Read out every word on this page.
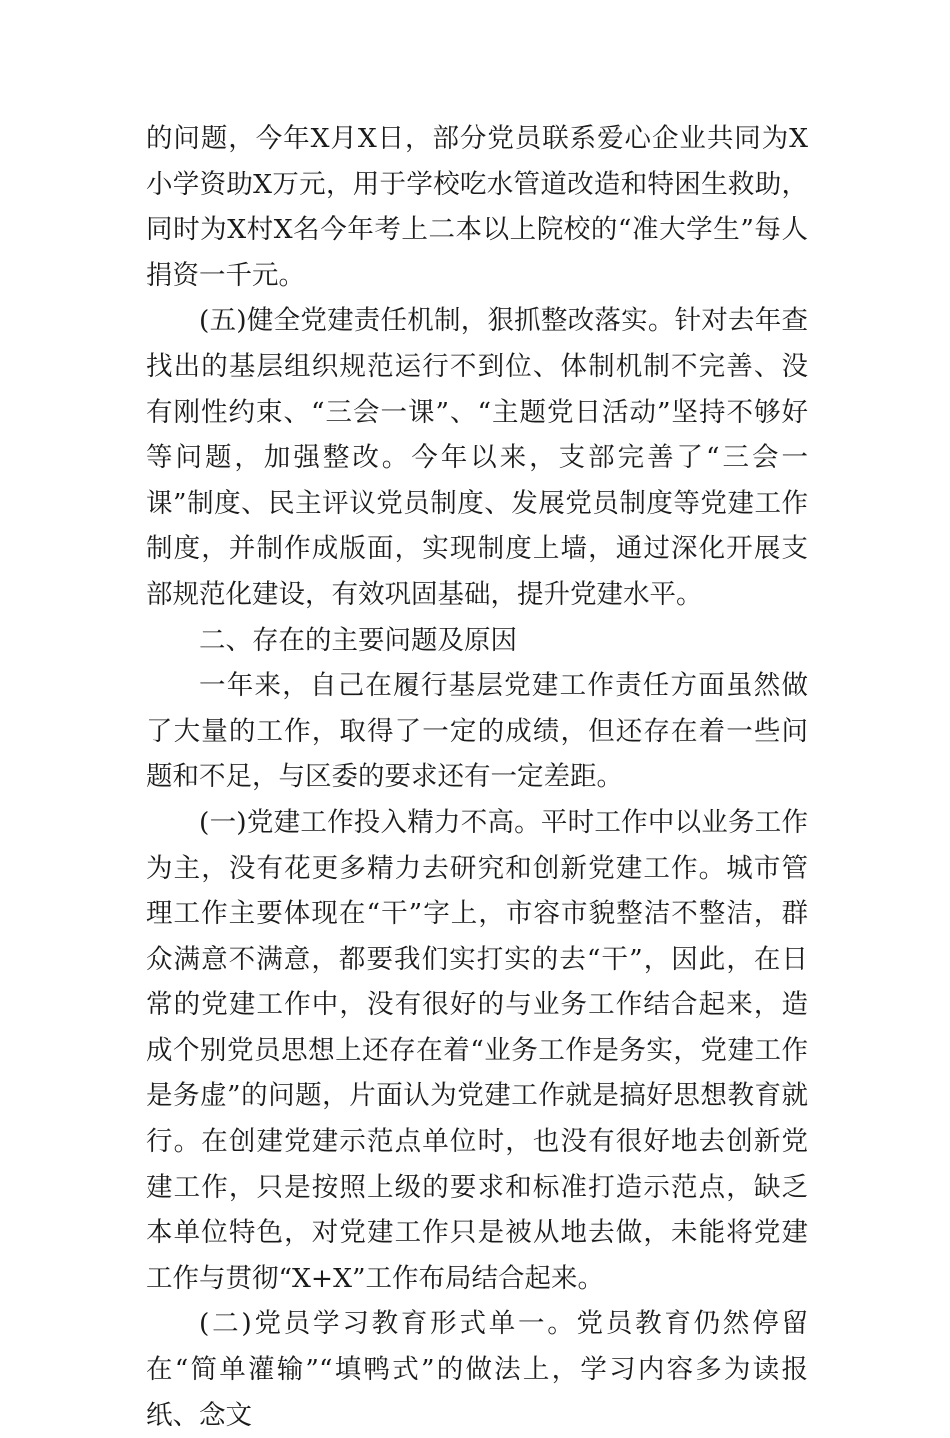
的问题，今年X月X日，部分党员联系爱心企业共同为X小学资助X万元，用于学校吃水管道改造和特困生救助，同时为X村X名今年考上二本以上院校的“准大学生”每人捐资一千元。

(五)健全党建责任机制，狠抓整改落实。针对去年查找出的基层组织规范运行不到位、体制机制不完善、没有刚性约束、“三会一课”、“主题党日活动”坚持不够好等问题，加强整改。今年以来，支部完善了“三会一课”制度、民主评议党员制度、发展党员制度等党建工作制度，并制作成版面，实现制度上墙，通过深化开展支部规范化建设，有效巩固基础，提升党建水平。

二、存在的主要问题及原因

一年来，自己在履行基层党建工作责任方面虽然做了大量的工作，取得了一定的成绩，但还存在着一些问题和不足，与区委的要求还有一定差距。

(一)党建工作投入精力不高。平时工作中以业务工作为主，没有花更多精力去研究和创新党建工作。城市管理工作主要体现在“干”字上，市容市貌整洁不整洁，群众满意不满意，都要我们实打实的去“干”，因此，在日常的党建工作中，没有很好的与业务工作结合起来，造成个别党员思想上还存在着“业务工作是务实，党建工作是务虚”的问题，片面认为党建工作就是搞好思想教育就行。在创建党建示范点单位时，也没有很好地去创新党建工作，只是按照上级的要求和标准打造示范点，缺乏本单位特色，对党建工作只是被从地去做，未能将党建工作与贯彻“X+X”工作布局结合起来。

(二)党员学习教育形式单一。党员教育仍然停留在“简单灌输”“填鸭式”的做法上，学习内容多为读报纸、念文
